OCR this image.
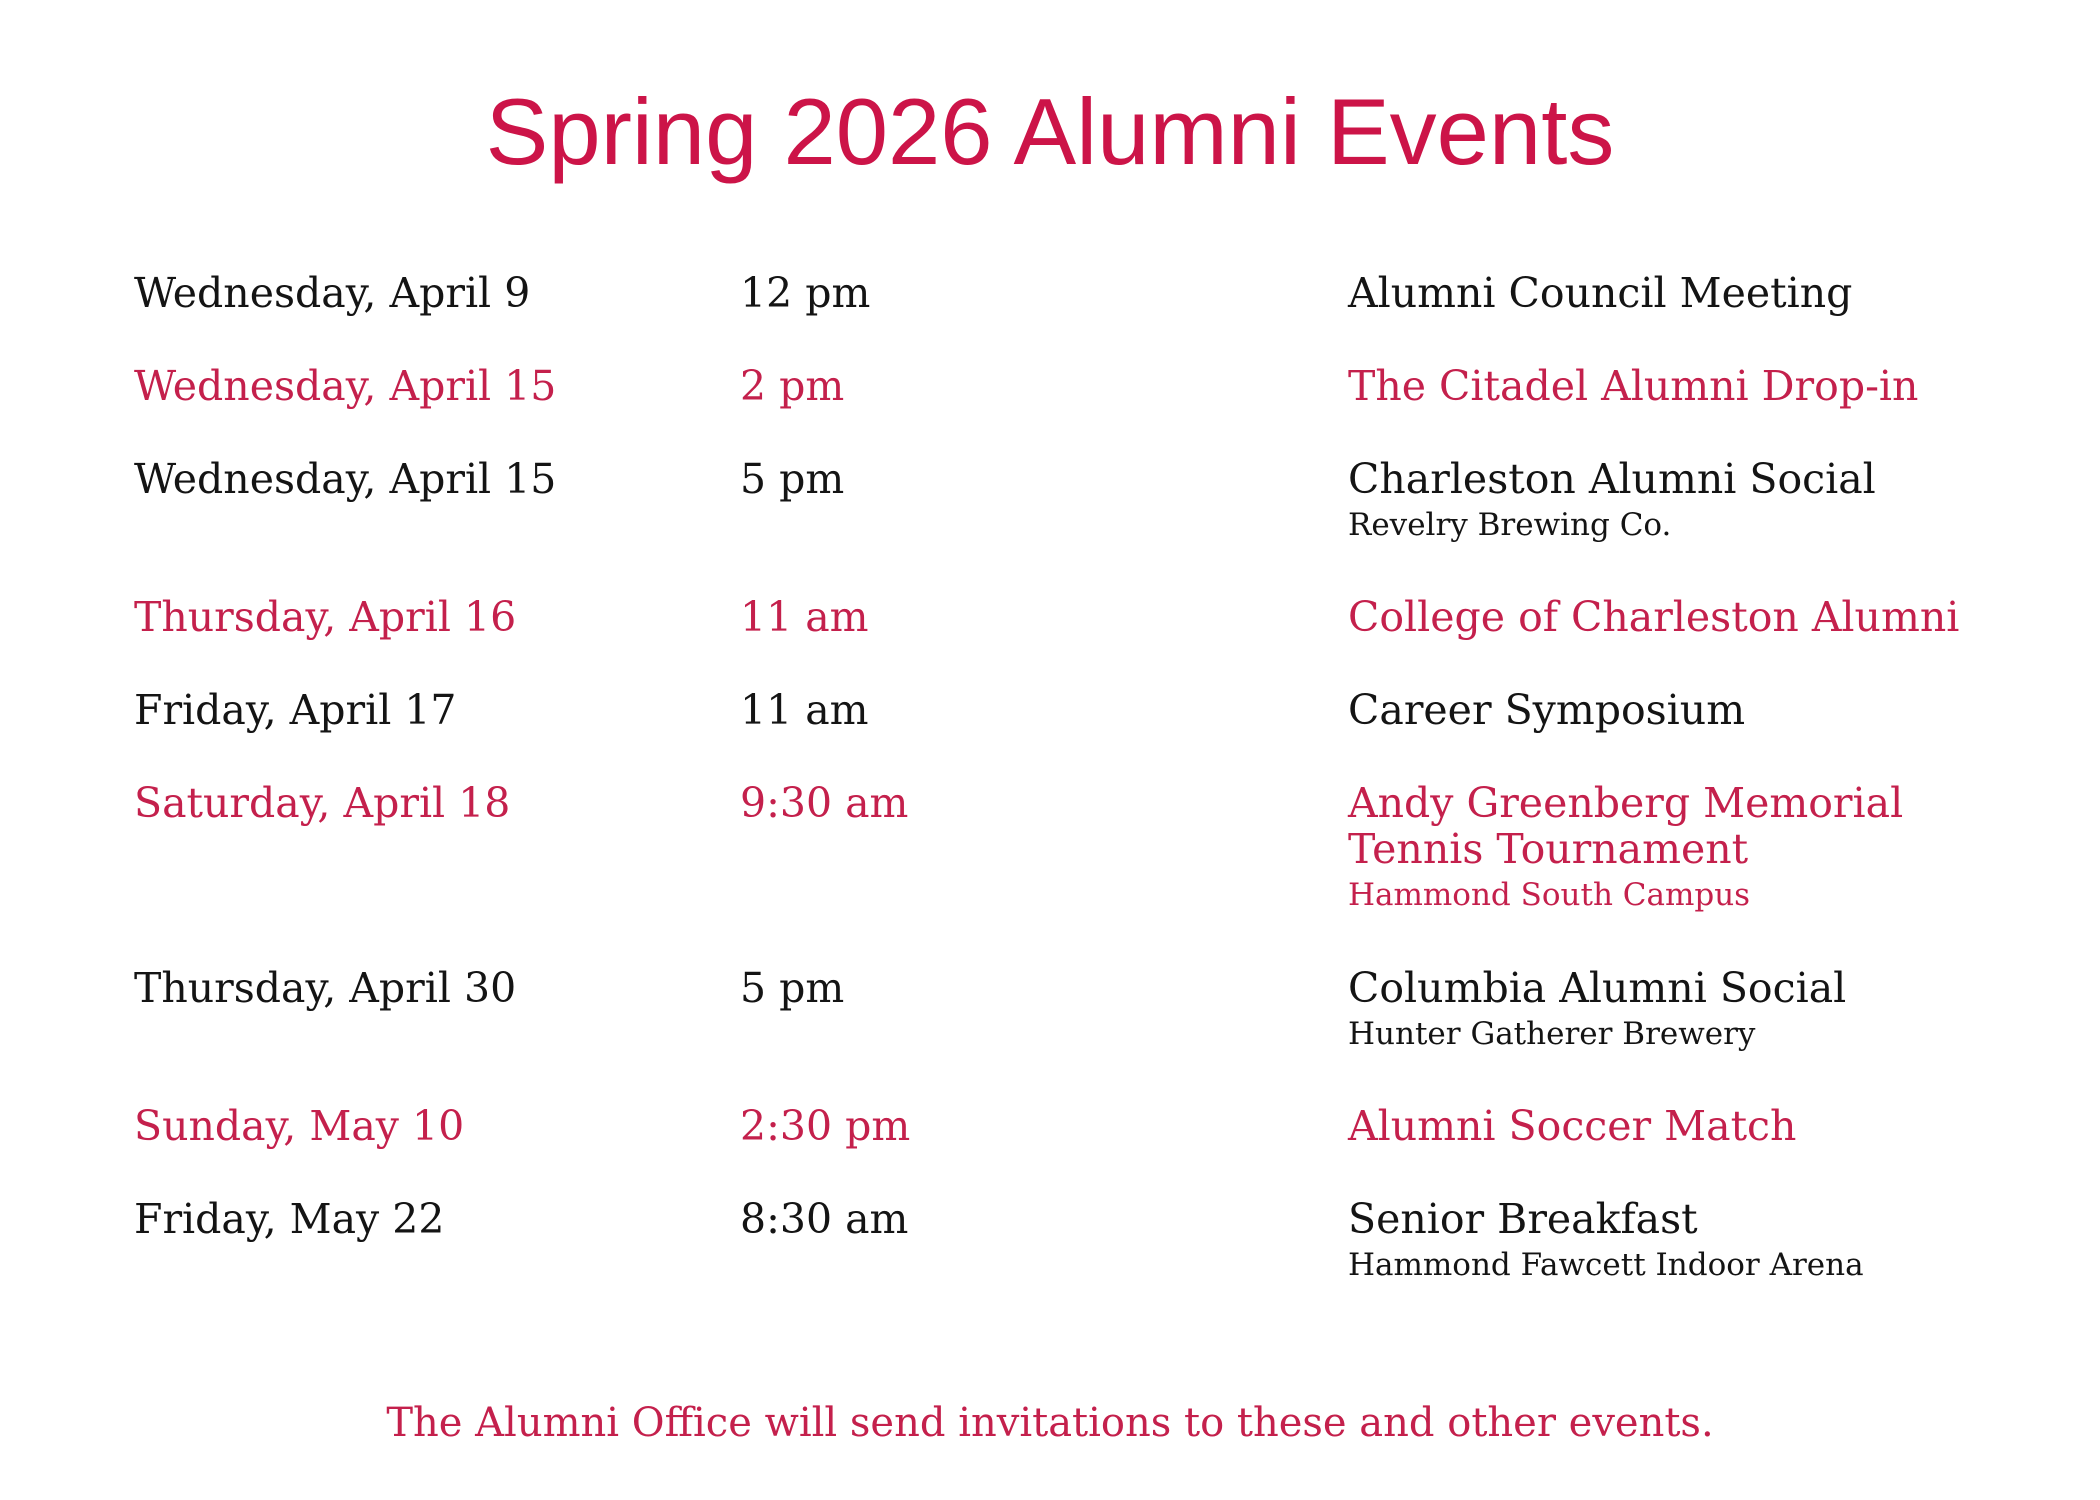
Spring 2026 Alumni Events
Wednesday, April 9	12 pm	Alumni Council Meeting
Wednesday, April 15	2 pm	The Citadel Alumni Drop-in
Wednesday, April 15	5 pm	Charleston Alumni Social
Revelry Brewing Co.
Thursday, April 16	11 am	College of Charleston Alumni
Friday, April 17	11 am	Career Symposium
Saturday, April 18	9:30 am	Andy Greenberg Memorial
Tennis Tournament
Hammond South Campus
Thursday, April 30	5 pm	Columbia Alumni Social
Hunter Gatherer Brewery
Sunday, May 10	2:30 pm	Alumni Soccer Match
Friday, May 22	8:30 am	Senior Breakfast
Hammond Fawcett Indoor Arena
The Alumni Office will send invitations to these and other events.
